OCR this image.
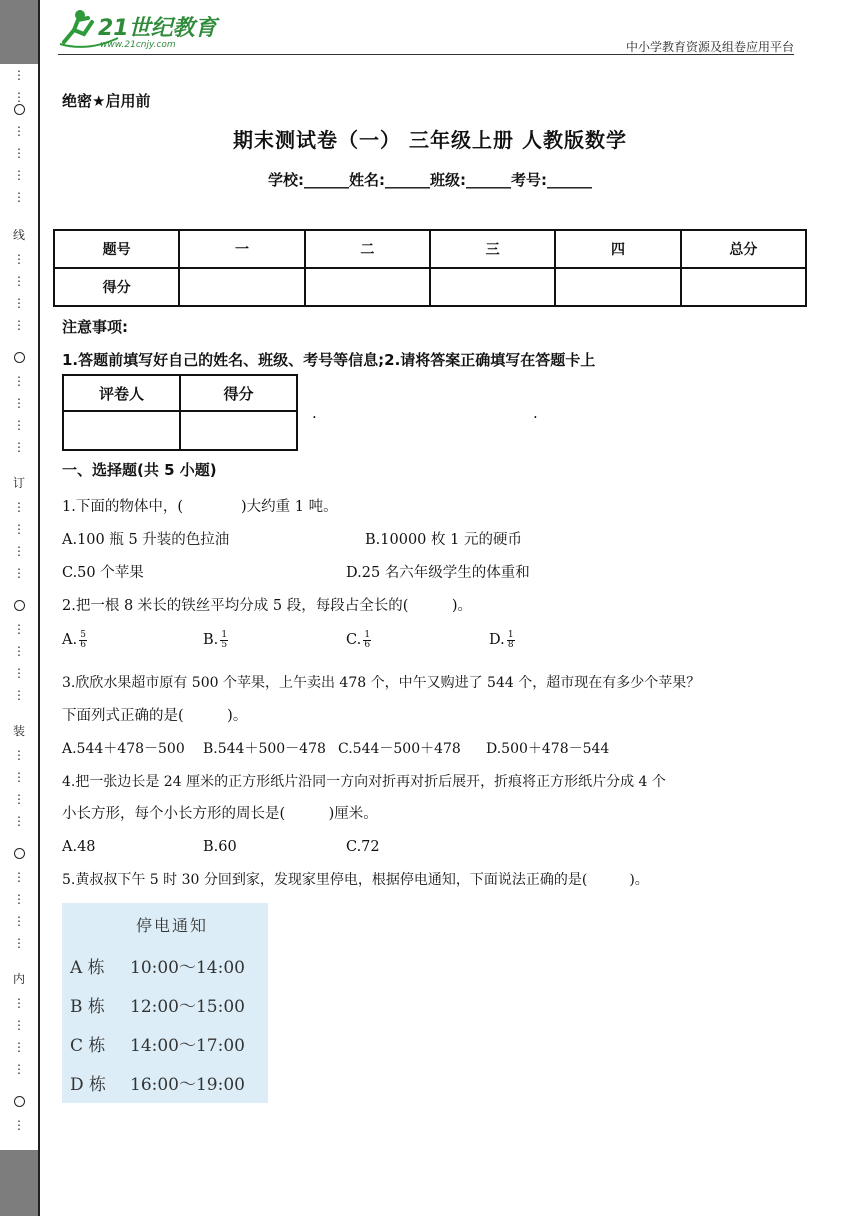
⋮
⋮
⋮
⋮
⋮
⋮
线
⋮
⋮
⋮
⋮
⋮
⋮
⋮
⋮
订
⋮
⋮
⋮
⋮
⋮
⋮
⋮
⋮
装
⋮
⋮
⋮
⋮
⋮
⋮
⋮
⋮
内
⋮
⋮
⋮
⋮
⋮
21世纪教育
www.21cnjy.com	中小学教育资源及组卷应用平台
绝密★启用前
期末测试卷（一） 三年级上册 人教版数学
学校:______姓名:______班级:______考号:______
题号	一	二	三	四	总分
得分					
注意事项:
1.答题前填写好自己的姓名、班级、考号等信息;2.请将答案正确填写在答题卡上
评卷人	得分

.	.
一、选择题(共 5 小题)
1.下面的物体中，(　　　　)大约重 1 吨。
A.100 瓶 5 升装的色拉油	B.10000 枚 1 元的硬币
C.50 个苹果	D.25 名六年级学生的体重和
2.把一根 8 米长的铁丝平均分成 5 段，每段占全长的(　　　)。
A. $\frac{5}{6}$	B. $\frac{1}{5}$	C. $\frac{1}{6}$	D. $\frac{1}{8}$
3.欣欣水果超市原有 500 个苹果，上午卖出 478 个，中午又购进了 544 个，超市现在有多少个苹果？
下面列式正确的是(　　　)。
A.544＋478－500 B.544＋500－478 C.544－500＋478 D.500＋478－544
4.把一张边长是 24 厘米的正方形纸片沿同一方向对折再对折后展开，折痕将正方形纸片分成 4 个
小长方形，每个小长方形的周长是(　　　)厘米。
A.48	B.60	C.72
5.黄叔叔下午 5 时 30 分回到家，发现家里停电，根据停电通知，下面说法正确的是(　　　)。
停电通知
A 栋 10:00～14:00
B 栋 12:00～15:00
C 栋 14:00～17:00
D 栋 16:00～19:00
